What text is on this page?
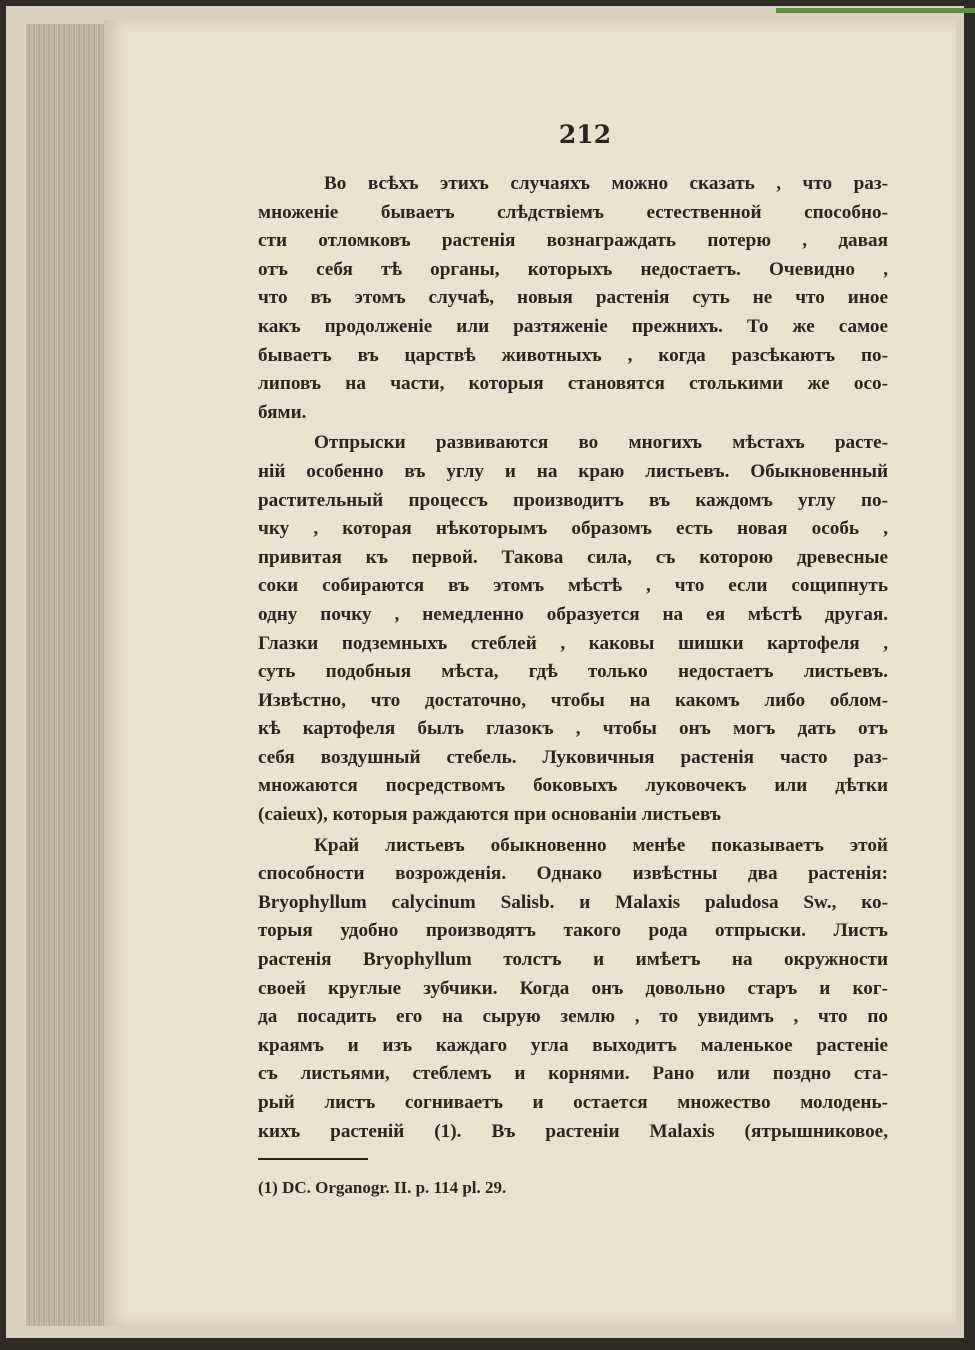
212
Во всѣхъ этихъ случаяхъ можно сказать , что раз-
множеніе бываетъ слѣдствіемъ естественной способно-
сти отломковъ растенія вознаграждать потерю , давая
отъ себя тѣ органы, которыхъ недостаетъ. Очевидно ,
что въ этомъ случаѣ, новыя растенія суть не что иное
какъ продолженіе или разтяженіе прежнихъ. То же самое
бываетъ въ царствѣ животныхъ , когда разсѣкаютъ по-
липовъ на части, которыя становятся столькими же осо-
бями.
Отпрыски развиваются во многихъ мѣстахъ расте-
ній особенно въ углу и на краю листьевъ. Обыкновенный
растительный процессъ производитъ въ каждомъ углу по-
чку , которая нѣкоторымъ образомъ есть новая особь ,
привитая къ первой. Такова сила, съ которою древесные
соки собираются въ этомъ мѣстѣ , что если сощипнуть
одну почку , немедленно образуется на ея мѣстѣ другая.
Глазки подземныхъ стеблей , каковы шишки картофеля ,
суть подобныя мѣста, гдѣ только недостаетъ листьевъ.
Извѣстно, что достаточно, чтобы на какомъ либо облом-
кѣ картофеля былъ глазокъ , чтобы онъ могъ дать отъ
себя воздушный стебель. Луковичныя растенія часто раз-
множаются посредствомъ боковыхъ луковочекъ или дѣтки
(caieux), которыя раждаются при основаніи листьевъ
Край листьевъ обыкновенно менѣе показываетъ этой
способности возрожденія. Однако извѣстны два растенія:
Bryophyllum calycinum Salisb. и Malaxis paludosa Sw., ко-
торыя удобно производятъ такого рода отпрыски. Листъ
растенія Bryophyllum толстъ и имѣетъ на окружности
своей круглые зубчики. Когда онъ довольно старъ и ког-
да посадить его на сырую землю , то увидимъ , что по
краямъ и изъ каждаго угла выходитъ маленькое растеніе
съ листьями, стеблемъ и корнями. Рано или поздно ста-
рый листъ согниваетъ и остается множество молодень-
кихъ растеній (1). Въ растеніи Malaxis (ятрышниковое,
(1) DC. Organogr. II. p. 114 pl. 29.
